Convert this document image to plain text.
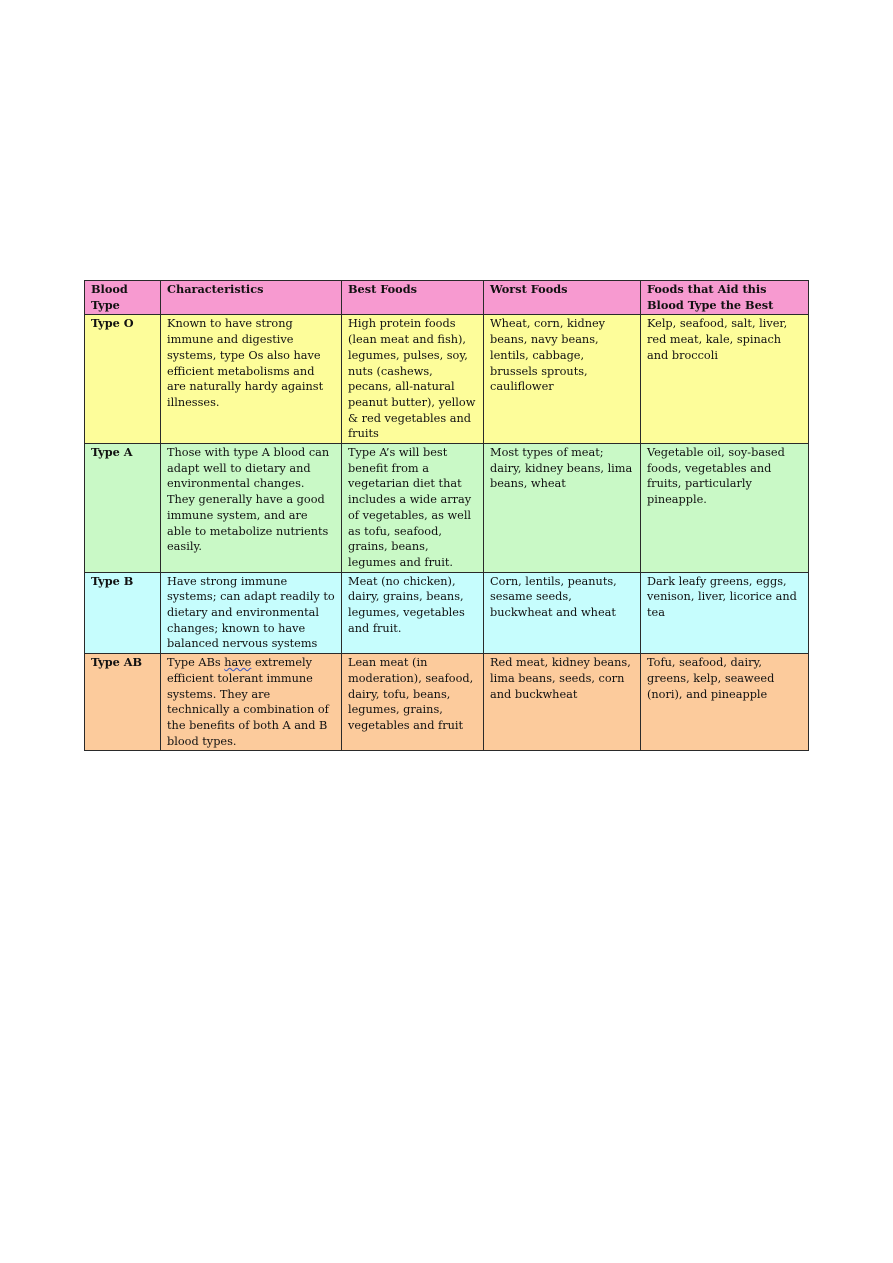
Blood Type	Characteristics	Best Foods	Worst Foods	Foods that Aid this Blood Type the Best
Type O	Known to have strong immune and digestive systems, type Os also have efficient metabolisms and are naturally hardy against illnesses.	High protein foods (lean meat and fish), legumes, pulses, soy, nuts (cashews, pecans, all-natural peanut butter), yellow & red vegetables and fruits	Wheat, corn, kidney beans, navy beans, lentils, cabbage, brussels sprouts, cauliflower	Kelp, seafood, salt, liver, red meat, kale, spinach and broccoli
Type A	Those with type A blood can adapt well to dietary and environmental changes. They generally have a good immune system, and are able to metabolize nutrients easily.	Type A’s will best benefit from a vegetarian diet that includes a wide array of vegetables, as well as tofu, seafood, grains, beans, legumes and fruit.	Most types of meat; dairy, kidney beans, lima beans, wheat	Vegetable oil, soy-based foods, vegetables and fruits, particularly pineapple.
Type B	Have strong immune systems; can adapt readily to dietary and environmental changes; known to have balanced nervous systems	Meat (no chicken), dairy, grains, beans, legumes, vegetables and fruit.	Corn, lentils, peanuts, sesame seeds, buckwheat and wheat	Dark leafy greens, eggs, venison, liver, licorice and tea
Type AB	Type ABs have extremely efficient tolerant immune systems. They are technically a combination of the benefits of both A and B blood types.	Lean meat (in moderation), seafood, dairy, tofu, beans, legumes, grains, vegetables and fruit	Red meat, kidney beans, lima beans, seeds, corn and buckwheat	Tofu, seafood, dairy, greens, kelp, seaweed (nori), and pineapple
